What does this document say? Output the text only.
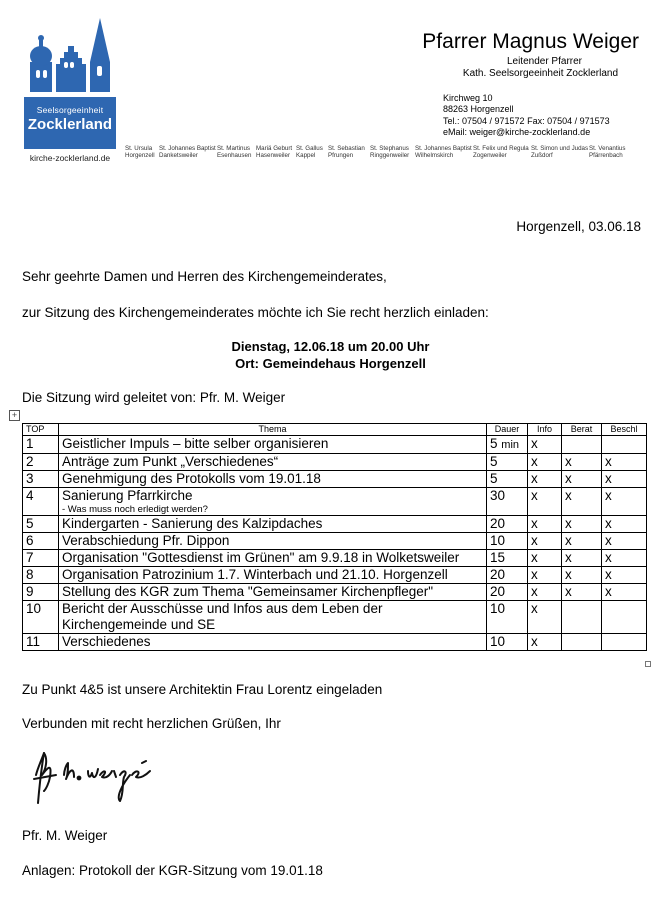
Seelsorgeeinheit
Zocklerland
kirche-zocklerland.de
Pfarrer Magnus Weiger
Leitender Pfarrer
Kath. Seelsorgeeinheit Zocklerland
Kirchweg 10
88263 Horgenzell
Tel.: 07504 / 971572 Fax: 07504 / 971573
eMail: weiger@kirche-zocklerland.de
St. Ursula
Horgenzell
St. Johannes Baptist
Danketsweiler
St. Martinus
Esenhausen
Mariä Geburt
Hasenweiler
St. Gallus
Kappel
St. Sebastian
Pfrungen
St. Stephanus
Ringgenweiler
St. Johannes Baptist
Wilhelmskirch
St. Felix und Regula
Zogenweiler
St. Simon und Judas
Zußdorf
St. Venantius
Pfärrenbach
Horgenzell, 03.06.18
Sehr geehrte Damen und Herren des Kirchengemeinderates,
zur Sitzung des Kirchengemeinderates möchte ich Sie recht herzlich einladen:
Dienstag, 12.06.18 um 20.00 Uhr
Ort: Gemeindehaus Horgenzell
Die Sitzung wird geleitet von: Pfr. M. Weiger
+
TOP	Thema	Dauer	Info	Berat	Beschl
1	Geistlicher Impuls – bitte selber organisieren	5 min	x		
2	Anträge zum Punkt „Verschiedenes“	5	x	x	x
3	Genehmigung des Protokolls vom 19.01.18	5	x	x	x
4	Sanierung Pfarrkirche
- Was muss noch erledigt werden?	30	x	x	x
5	Kindergarten - Sanierung des Kalzipdaches	20	x	x	x
6	Verabschiedung Pfr. Dippon	10	x	x	x
7	Organisation "Gottesdienst im Grünen" am 9.9.18 in Wolketsweiler	15	x	x	x
8	Organisation Patrozinium 1.7. Winterbach und 21.10. Horgenzell	20	x	x	x
9	Stellung des KGR zum Thema "Gemeinsamer Kirchenpfleger"	20	x	x	x
10	Bericht der Ausschüsse und Infos aus dem Leben der Kirchengemeinde und SE	10	x		
11	Verschiedenes	10	x		
Zu Punkt 4&5 ist unsere Architektin Frau Lorentz eingeladen
Verbunden mit recht herzlichen Grüßen, Ihr
Pfr. M. Weiger
Anlagen: Protokoll der KGR-Sitzung vom 19.01.18
